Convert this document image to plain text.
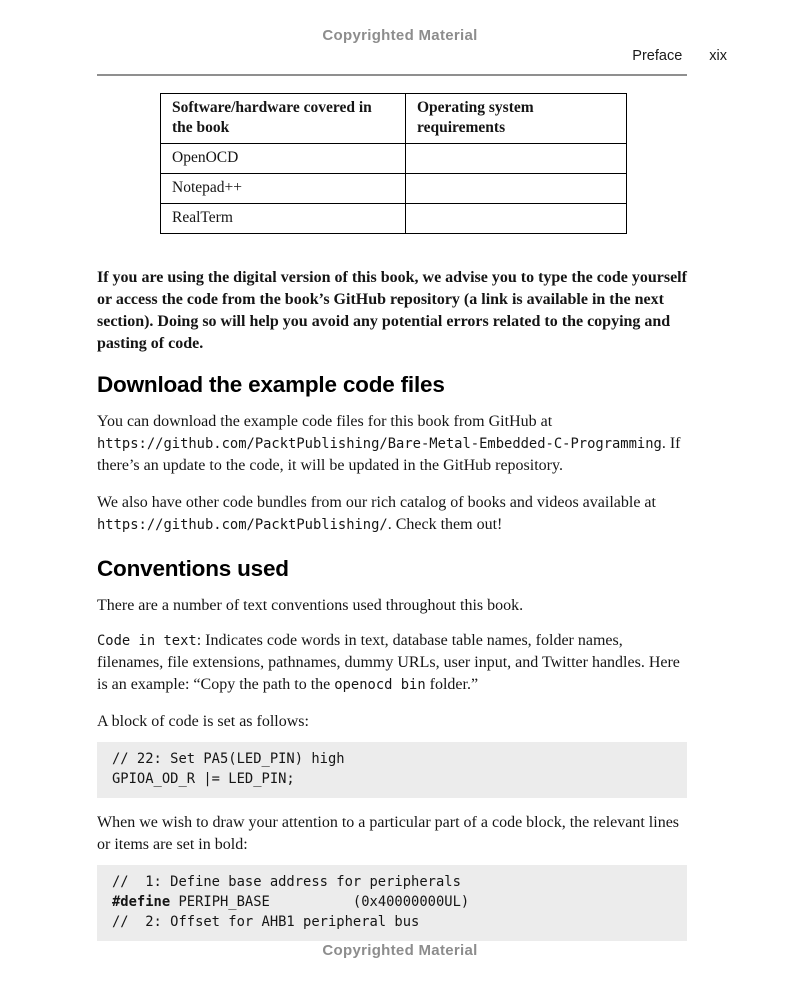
Copyrighted Material
Preface xix
Software/hardware covered in the book	Operating system requirements
OpenOCD	
Notepad++	
RealTerm	

If you are using the digital version of this book, we advise you to type the code yourself or access the code from the book’s GitHub repository (a link is available in the next section). Doing so will help you avoid any potential errors related to the copying and pasting of code.

Download the example code files

You can download the example code files for this book from GitHub at https://github.com/PacktPublishing/Bare-Metal-Embedded-C-Programming. If there’s an update to the code, it will be updated in the GitHub repository.

We also have other code bundles from our rich catalog of books and videos available at https://github.com/PacktPublishing/. Check them out!

Conventions used

There are a number of text conventions used throughout this book.

Code in text: Indicates code words in text, database table names, folder names, filenames, file extensions, pathnames, dummy URLs, user input, and Twitter handles. Here is an example: “Copy the path to the openocd bin folder.”

A block of code is set as follows:

// 22: Set PA5(LED_PIN) high
GPIOA_OD_R |= LED_PIN;

When we wish to draw your attention to a particular part of a code block, the relevant lines or items are set in bold:

//  1: Define base address for peripherals
#define PERIPH_BASE          (0x40000000UL)
//  2: Offset for AHB1 peripheral bus
Copyrighted Material
